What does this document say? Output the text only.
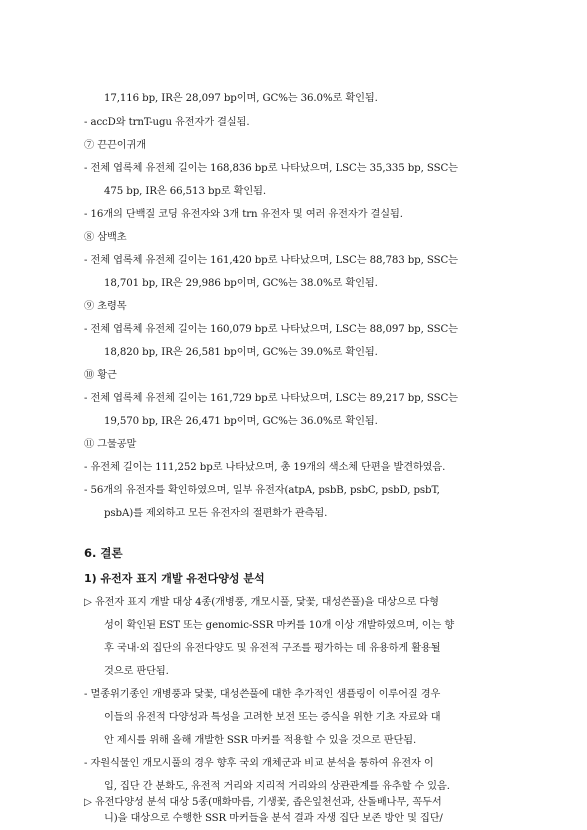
17,116 bp, IR은 28,097 bp이며, GC%는 36.0%로 확인됨.
- accD와 trnT-ugu 유전자가 결실됨.
⑦ 끈끈이귀개
- 전체 엽록체 유전체 길이는 168,836 bp로 나타났으며, LSC는 35,335 bp, SSC는
475 bp, IR은 66,513 bp로 확인됨.
- 16개의 단백질 코딩 유전자와 3개 trn 유전자 및 여러 유전자가 결실됨.
⑧ 삼백초
- 전체 엽록체 유전체 길이는 161,420 bp로 나타났으며, LSC는 88,783 bp, SSC는
18,701 bp, IR은 29,986 bp이며, GC%는 38.0%로 확인됨.
⑨ 초령목
- 전체 엽록체 유전체 길이는 160,079 bp로 나타났으며, LSC는 88,097 bp, SSC는
18,820 bp, IR은 26,581 bp이며, GC%는 39.0%로 확인됨.
⑩ 황근
- 전체 엽록체 유전체 길이는 161,729 bp로 나타났으며, LSC는 89,217 bp, SSC는
19,570 bp, IR은 26,471 bp이며, GC%는 36.0%로 확인됨.
⑪ 그물공말
- 유전체 길이는 111,252 bp로 나타났으며, 총 19개의 색소체 단편을 발견하였음.
- 56개의 유전자를 확인하였으며, 일부 유전자(atpA, psbB, psbC, psbD, psbT,
psbA)를 제외하고 모든 유전자의 절편화가 관측됨.
6. 결론
1) 유전자 표지 개발 유전다양성 분석
▷ 유전자 표지 개발 대상 4종(개병풍, 개모시풀, 닻꽃, 대성쓴풀)을 대상으로 다형
성이 확인된 EST 또는 genomic-SSR 마커를 10개 이상 개발하였으며, 이는 향
후 국내·외 집단의 유전다양도 및 유전적 구조를 평가하는 데 유용하게 활용될
것으로 판단됨.
- 멸종위기종인 개병풍과 닻꽃, 대성쓴풀에 대한 추가적인 샘플링이 이루어질 경우
이들의 유전적 다양성과 특성을 고려한 보전 또는 증식을 위한 기초 자료와 대
안 제시를 위해 올해 개발한 SSR 마커를 적용할 수 있을 것으로 판단됨.
- 자원식물인 개모시풀의 경우 향후 국외 개체군과 비교 분석을 통하여 유전자 이
입, 집단 간 분화도, 유전적 거리와 지리적 거리와의 상관관계를 유추할 수 있음.
▷ 유전다양성 분석 대상 5종(매화마름, 기생꽃, 좁은잎천선과, 산돌배나무, 꼭두서
니)을 대상으로 수행한 SSR 마커들을 분석 결과 자생 집단 보존 방안 및 집단/
